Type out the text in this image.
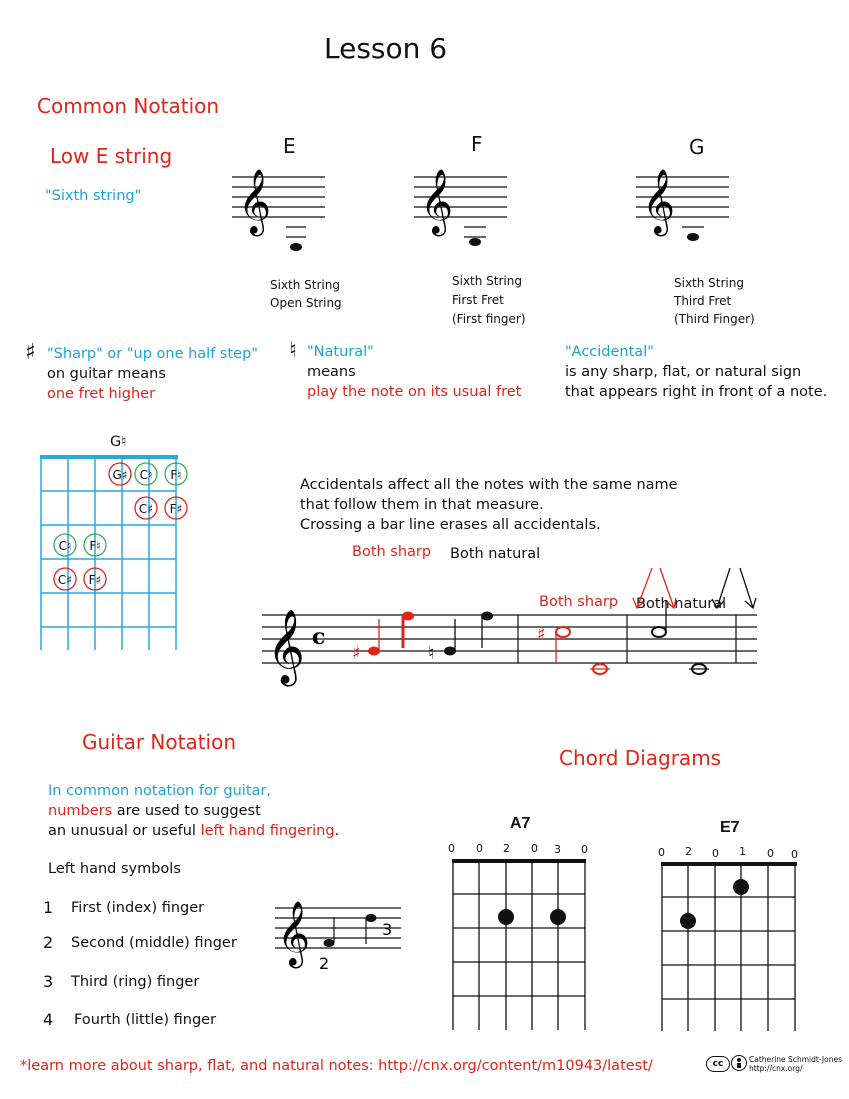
Lesson 6
Common Notation
Low E string
"Sixth string"
E	F	G
𝄞	𝄞	𝄞
Sixth String
Open String
Sixth String
First Fret
(First finger)
Sixth String
Third Fret
(Third Finger)
♯ "Sharp" or "up one half step"
on guitar means
one fret higher
♮ "Natural"
means
play the note on its usual fret
"Accidental"
is any sharp, flat, or natural sign
that appears right in front of a note.
G♮
G♯ C♮ F♮
C♯ F♯
C♮ F♮
C♯ F♯
Accidentals affect all the notes with the same name
that follow them in that measure.
Crossing a bar line erases all accidentals.
Both sharp Both natural
Both sharp Both natural
𝄞 c
♯	♮
♯
Guitar Notation
In common notation for guitar,
numbers are used to suggest
an unusual or useful left hand fingering.
Left hand symbols
1 First (index) finger
2 Second (middle) finger
3 Third (ring) finger
4 Fourth (little) finger
𝄞 2
3
Chord Diagrams
A7
0 0 2 0 3 0
E7
0 2 0 1 0 0
*learn more about sharp, flat, and natural notes: http://cnx.org/content/m10943/latest/	cc	Catherine Schmidt-Jones
http://cnx.org/
